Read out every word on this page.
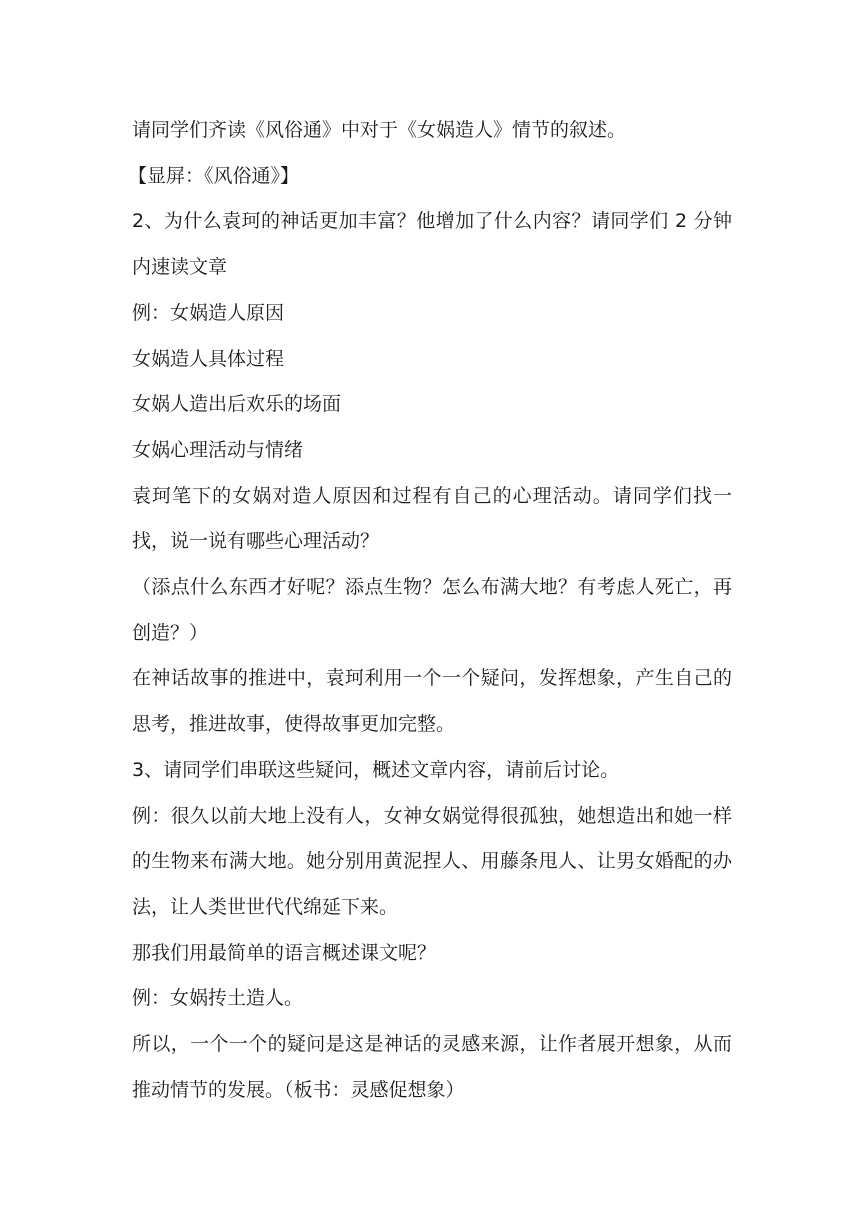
请同学们齐读《风俗通》中对于《女娲造人》情节的叙述。

【显屏：《风俗通》】

2、为什么袁珂的神话更加丰富？他增加了什么内容？请同学们 2 分钟内速读文章

例：女娲造人原因

女娲造人具体过程

女娲人造出后欢乐的场面

女娲心理活动与情绪

袁珂笔下的女娲对造人原因和过程有自己的心理活动。请同学们找一找，说一说有哪些心理活动？

（添点什么东西才好呢？添点生物？怎么布满大地？有考虑人死亡，再创造？）

在神话故事的推进中，袁珂利用一个一个疑问，发挥想象，产生自己的思考，推进故事，使得故事更加完整。

3、请同学们串联这些疑问，概述文章内容，请前后讨论。

例：很久以前大地上没有人，女神女娲觉得很孤独，她想造出和她一样的生物来布满大地。她分别用黄泥捏人、用藤条甩人、让男女婚配的办法，让人类世世代代绵延下来。

那我们用最简单的语言概述课文呢？

例：女娲抟土造人。

所以，一个一个的疑问是这是神话的灵感来源，让作者展开想象，从而推动情节的发展。（板书：灵感促想象）
